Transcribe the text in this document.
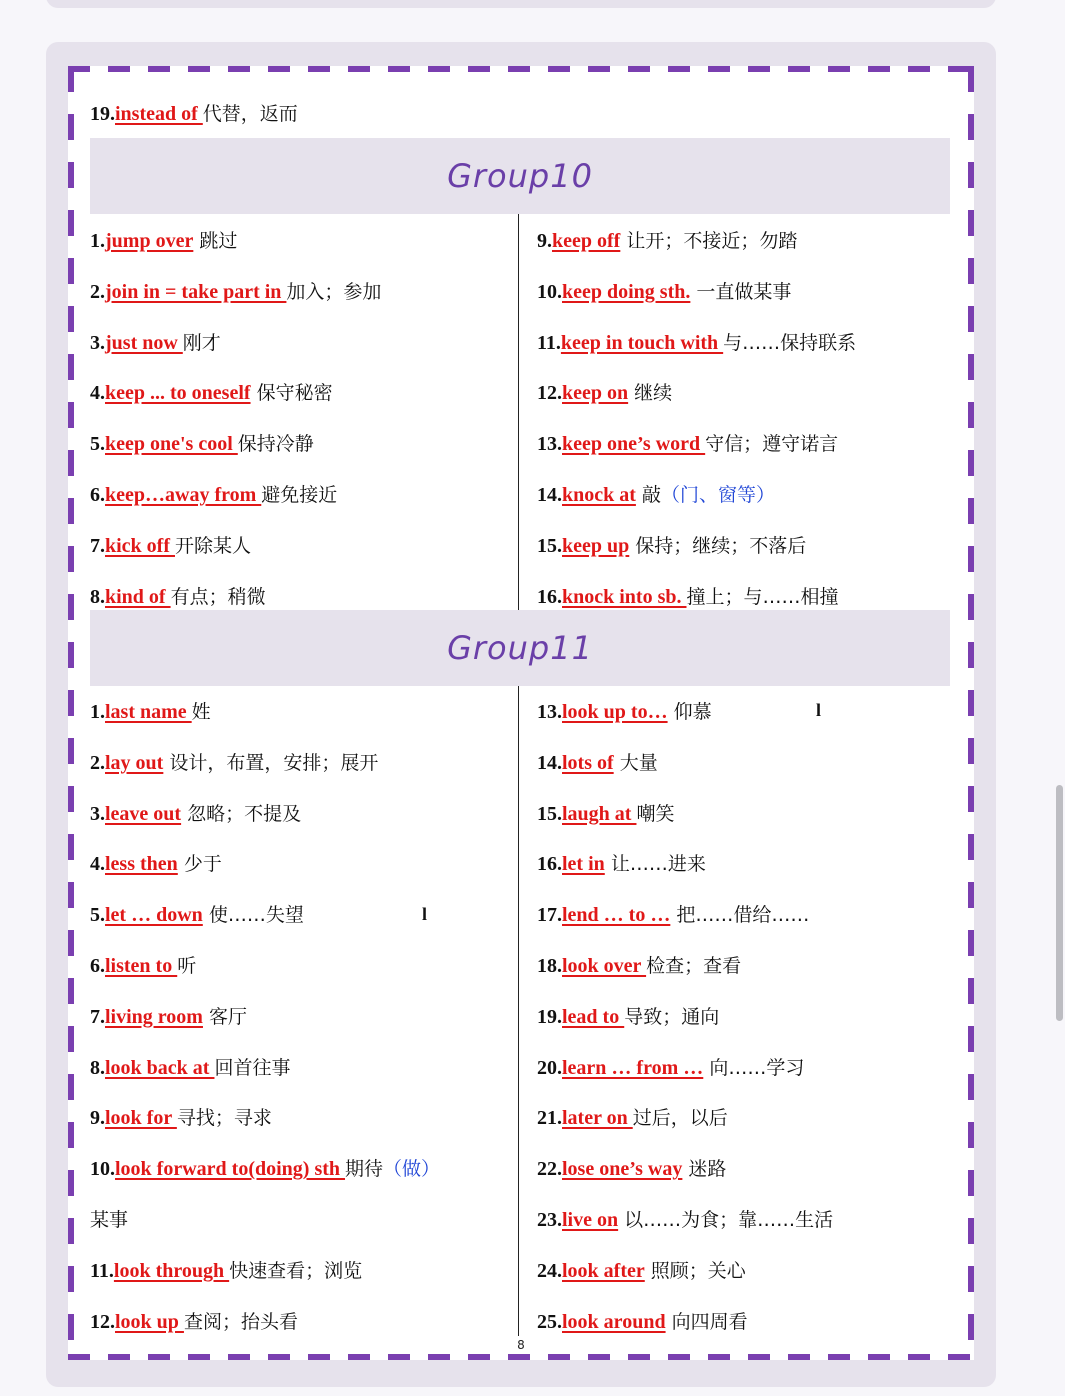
19.instead of 代替，返而
Group10
1.jump over 跳过
2.join in = take part in 加入；参加
3.just now 刚才
4.keep ... to oneself 保守秘密
5.keep one's cool 保持冷静
6.keep…away from 避免接近
7.kick off 开除某人
8.kind of 有点；稍微
9.keep off 让开；不接近；勿踏
10.keep doing sth. 一直做某事
11.keep in touch with 与……保持联系
12.keep on 继续
13.keep one’s word 守信；遵守诺言
14.knock at 敲（门、窗等）
15.keep up 保持；继续；不落后
16.knock into sb. 撞上；与……相撞
Group11
1.last name 姓
2.lay out 设计，布置，安排；展开
3.leave out 忽略；不提及
4.less then 少于
5.let … down 使……失望
6.listen to 听
7.living room 客厅
8.look back at 回首往事
9.look for 寻找；寻求
10.look forward to(doing) sth 期待（做）
某事
11.look through 快速查看；浏览
12.look up 查阅；抬头看
13.look up to… 仰慕
14.lots of 大量
15.laugh at 嘲笑
16.let in 让……进来
17.lend … to … 把……借给……
18.look over 检查；查看
19.lead to 导致；通向
20.learn … from … 向……学习
21.later on 过后，以后
22.lose one’s way 迷路
23.live on 以……为食；靠……生活
24.look after 照顾；关心
25.look around 向四周看
l
l
8
